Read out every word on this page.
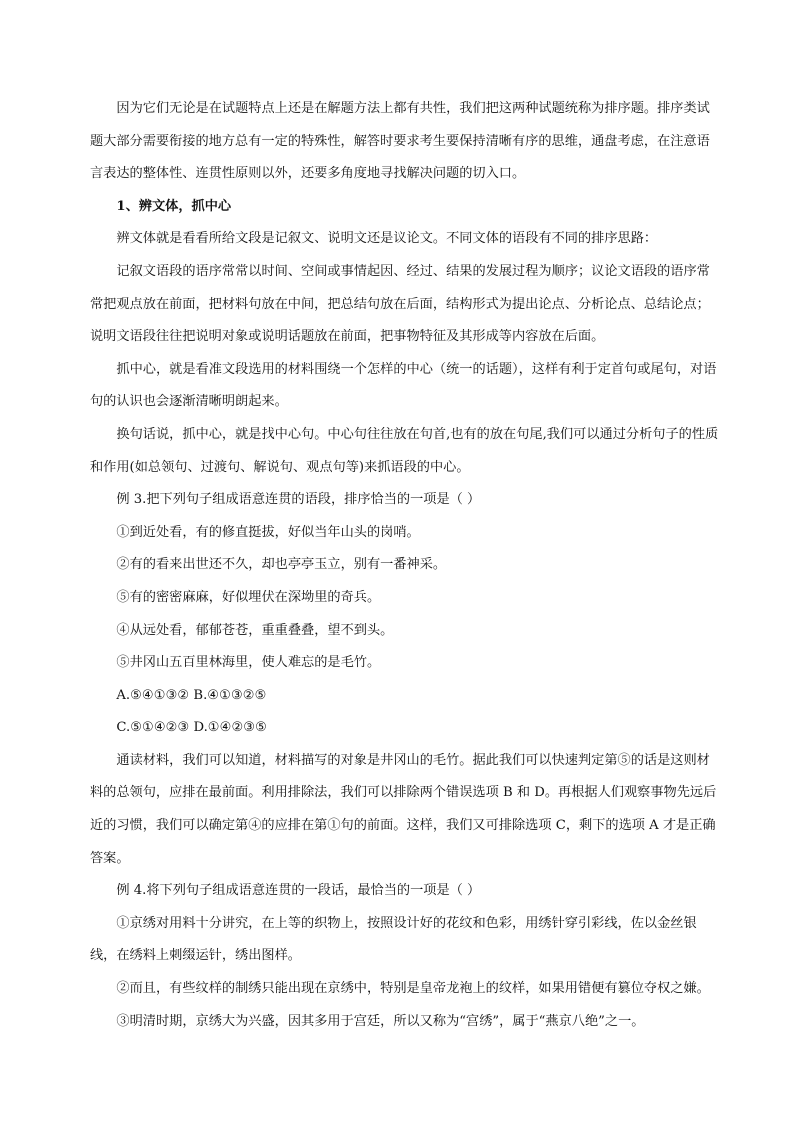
因为它们无论是在试题特点上还是在解题方法上都有共性，我们把这两种试题统称为排序题。排序类试题大部分需要衔接的地方总有一定的特殊性，解答时要求考生要保持清晰有序的思维，通盘考虑，在注意语言表达的整体性、连贯性原则以外，还要多角度地寻找解决问题的切入口。

1、辨文体，抓中心

辨文体就是看看所给文段是记叙文、说明文还是议论文。不同文体的语段有不同的排序思路：

记叙文语段的语序常常以时间、空间或事情起因、经过、结果的发展过程为顺序；议论文语段的语序常常把观点放在前面，把材料句放在中间，把总结句放在后面，结构形式为提出论点、分析论点、总结论点；说明文语段往往把说明对象或说明话题放在前面，把事物特征及其形成等内容放在后面。

抓中心，就是看准文段选用的材料围绕一个怎样的中心（统一的话题），这样有利于定首句或尾句，对语句的认识也会逐渐清晰明朗起来。

换句话说，抓中心，就是找中心句。中心句往往放在句首,也有的放在句尾,我们可以通过分析句子的性质和作用(如总领句、过渡句、解说句、观点句等)来抓语段的中心。

例 3.把下列句子组成语意连贯的语段，排序恰当的一项是（ ）

①到近处看，有的修直挺拔，好似当年山头的岗哨。

②有的看来出世还不久，却也亭亭玉立，别有一番神采。

⑤有的密密麻麻，好似埋伏在深坳里的奇兵。

④从远处看，郁郁苍苍，重重叠叠，望不到头。

⑤井冈山五百里林海里，使人难忘的是毛竹。

A.⑤④①③② B.④①③②⑤

C.⑤①④②③ D.①④②③⑤

通读材料，我们可以知道，材料描写的对象是井冈山的毛竹。据此我们可以快速判定第⑤的话是这则材料的总领句，应排在最前面。利用排除法，我们可以排除两个错误选项 B 和 D。再根据人们观察事物先远后近的习惯，我们可以确定第④的应排在第①句的前面。这样，我们又可排除选项 C，剩下的选项 A 才是正确答案。

例 4.将下列句子组成语意连贯的一段话，最恰当的一项是（ ）

①京绣对用料十分讲究，在上等的织物上，按照设计好的花纹和色彩，用绣针穿引彩线，佐以金丝银线，在绣料上刺缀运针，绣出图样。

②而且，有些纹样的制绣只能出现在京绣中，特别是皇帝龙袍上的纹样，如果用错便有篡位夺权之嫌。

③明清时期，京绣大为兴盛，因其多用于宫廷，所以又称为“宫绣”，属于“燕京八绝”之一。
